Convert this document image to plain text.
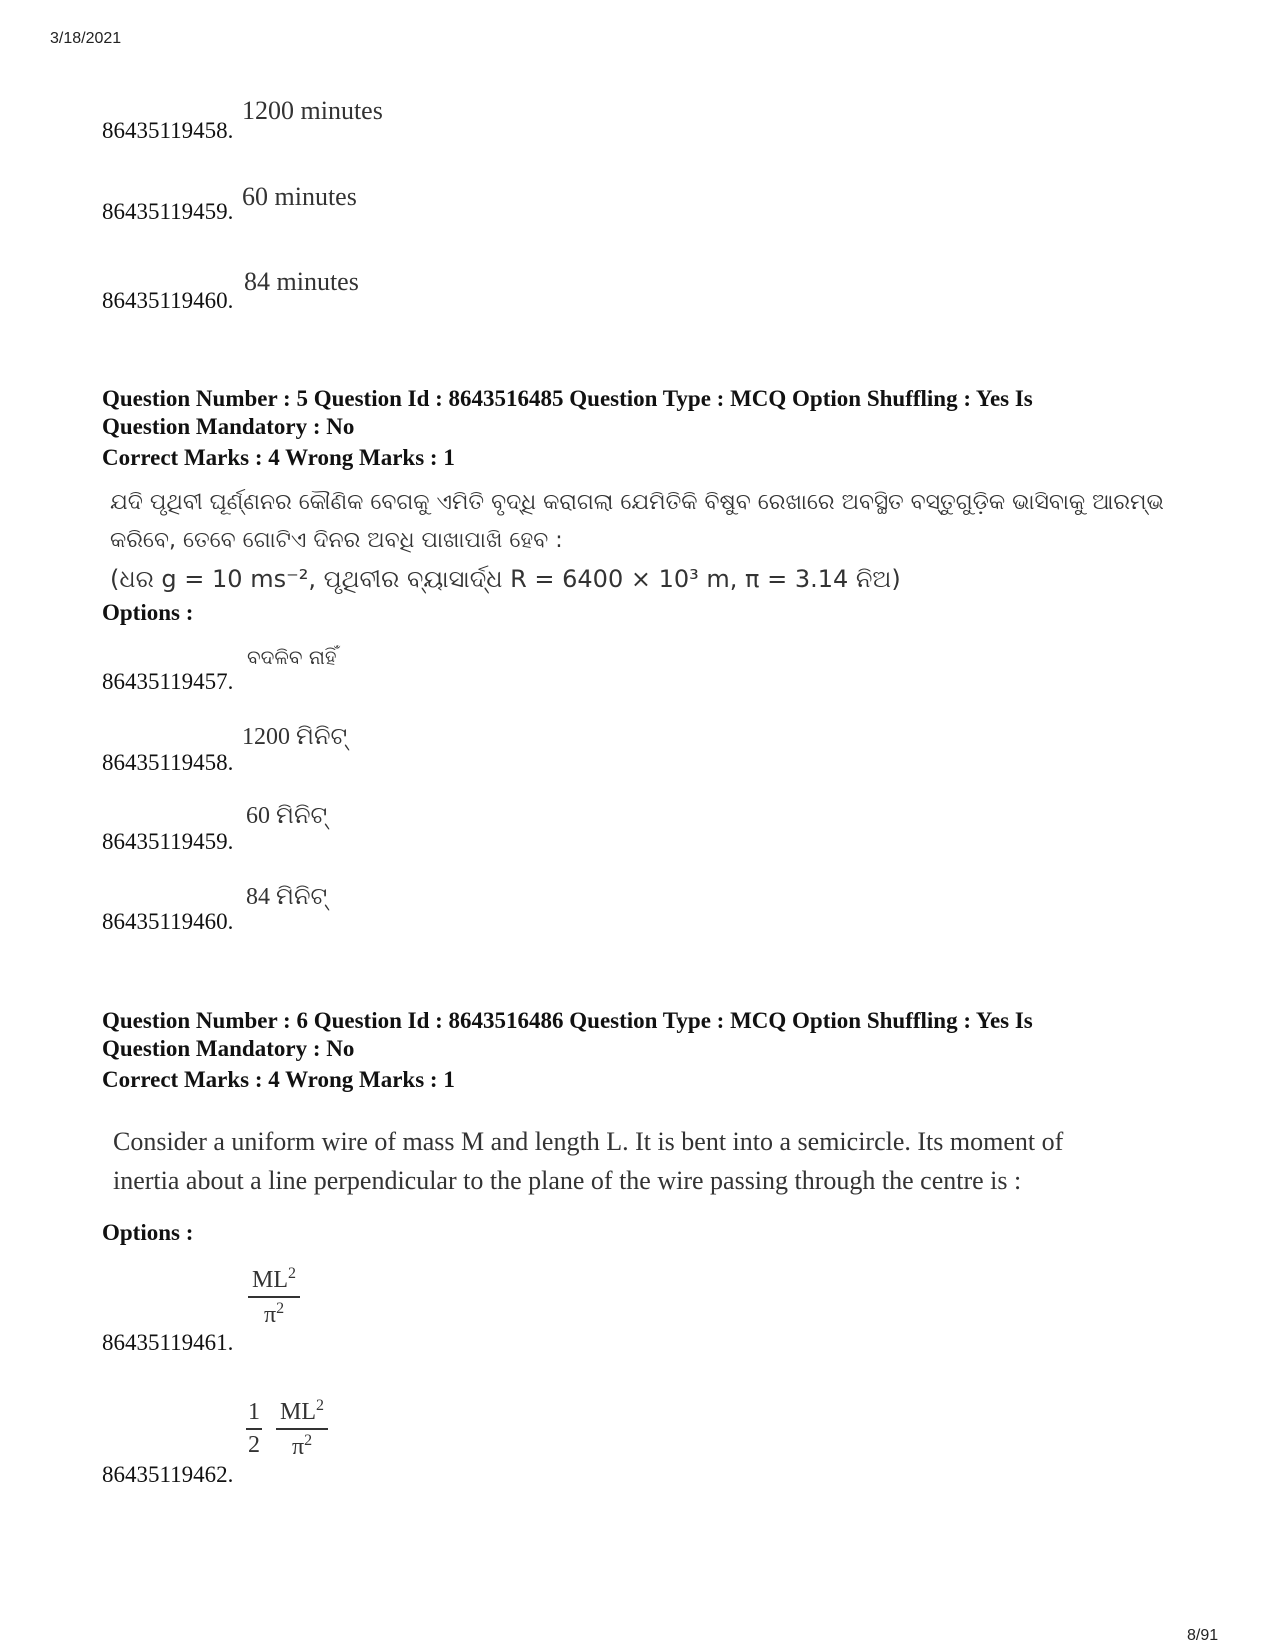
3/18/2021
86435119458.
1200 minutes
86435119459.
60 minutes
86435119460.
84 minutes
Question Number : 5 Question Id : 8643516485 Question Type : MCQ Option Shuffling : Yes Is
Question Mandatory : No
Correct Marks : 4 Wrong Marks : 1
ଯଦି ପୃଥିବୀ ଘୂର୍ଣ୍ଣନର କୌଣିକ ବେଗକୁ ଏମିତି ବୃଦ୍ଧି କରାଗଲା ଯେମିତିକି ବିଷୁବ ରେଖାରେ ଅବସ୍ଥିତ ବସ୍ତୁଗୁଡ଼ିକ ଭାସିବାକୁ ଆରମ୍ଭ
କରିବେ, ତେବେ ଗୋଟିଏ ଦିନର ଅବଧି ପାଖାପାଖି ହେବ :
(ଧର g = 10 ms⁻², ପୃଥିବୀର ବ୍ୟାସାର୍ଦ୍ଧ R = 6400 × 10³ m, π = 3.14 ନିଅ)
Options :
86435119457.
ବଦଳିବ ନାହିଁ
86435119458.
1200 ମିନିଟ୍
86435119459.
60 ମିନିଟ୍
86435119460.
84 ମିନିଟ୍
Question Number : 6 Question Id : 8643516486 Question Type : MCQ Option Shuffling : Yes Is
Question Mandatory : No
Correct Marks : 4 Wrong Marks : 1
Consider a uniform wire of mass M and length L. It is bent into a semicircle. Its moment of
inertia about a line perpendicular to the plane of the wire passing through the centre is :
Options :
86435119461.
$\frac{ML^2}{\pi^2}$
86435119462.
$\frac{1}{2}$
$\frac{ML^2}{\pi^2}$
8/91
